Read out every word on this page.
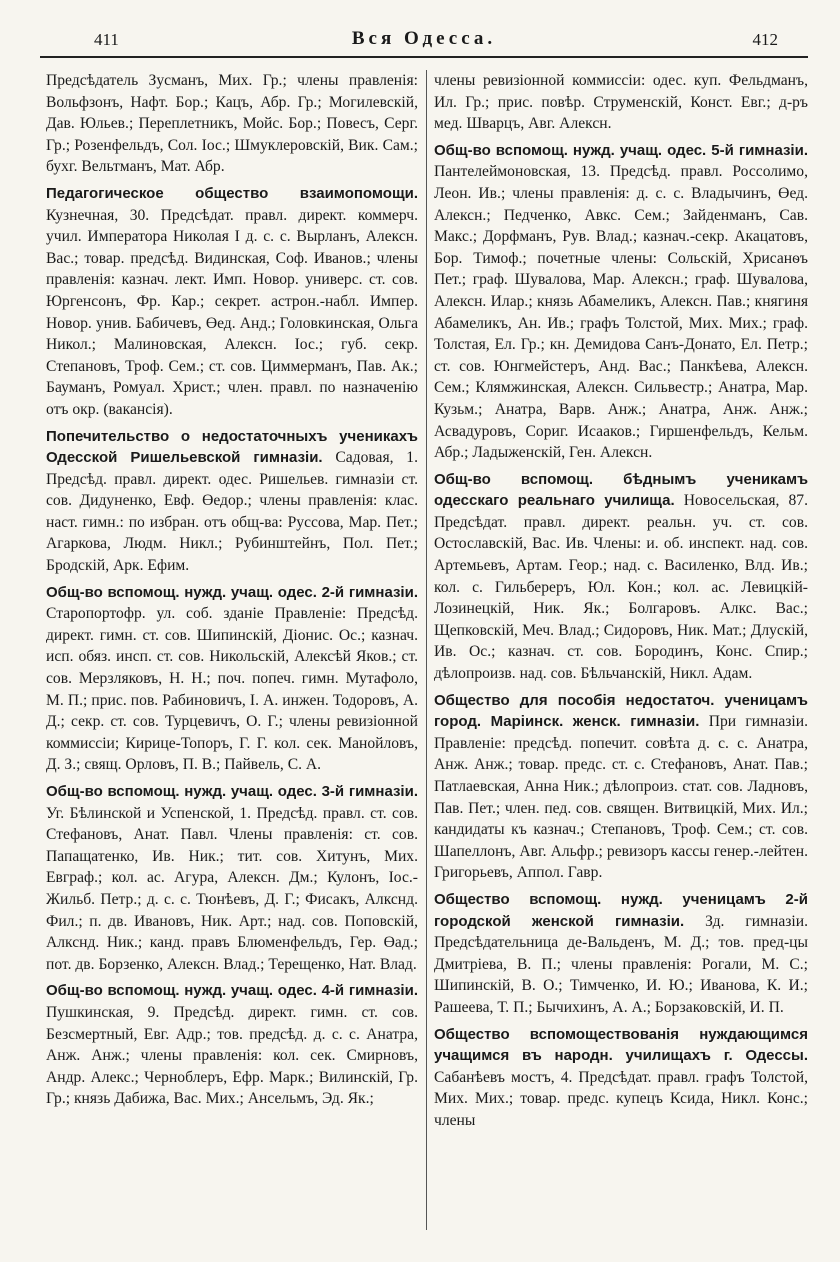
411	Вся Одесса.	412

Предсѣдатель Зусманъ, Мих. Гр.; члены правленія: Вольфзонъ, Нафт. Бор.; Кацъ, Абр. Гр.; Могилевскій, Дав. Юльев.; Переплетникъ, Мойс. Бор.; Повесъ, Серг. Гр.; Розенфельдъ, Сол. Іос.; Шмуклеровскій, Вик. Сам.; бухг. Вельтманъ, Мат. Абр.

Педагогическое общество взаимопомощи. Кузнечная, 30. Предсѣдат. правл. директ. коммерч. учил. Императора Николая I д. с. с. Вырланъ, Алексн. Вас.; товар. предсѣд. Видинская, Соф. Иванов.; члены правленія: казнач. лект. Имп. Новор. универс. ст. сов. Юргенсонъ, Фр. Кар.; секрет. астрон.-набл. Импер. Новор. унив. Бабичевъ, Өед. Анд.; Головкинская, Ольга Никол.; Малиновская, Алексн. Іос.; губ. секр. Степановъ, Троф. Сем.; ст. сов. Циммерманъ, Пав. Ак.; Бауманъ, Ромуал. Христ.; член. правл. по назначенію отъ окр. (вакансія).

Попечительство о недостаточныхъ ученикахъ Одесской Ришельевской гимназіи. Садовая, 1. Предсѣд. правл. директ. одес. Ришельев. гимназіи ст. сов. Дидуненко, Евф. Өедор.; члены правленія: клас. наст. гимн.: по избран. отъ общ-ва: Руссова, Мар. Пет.; Агаркова, Людм. Никл.; Рубинштейнъ, Пол. Пет.; Бродскій, Арк. Ефим.

Общ-во вспомощ. нужд. учащ. одес. 2-й гимназіи. Старопортофр. ул. соб. зданіе Правленіе: Предсѣд. директ. гимн. ст. сов. Шипинскій, Діонис. Ос.; казнач. исп. обяз. инсп. ст. сов. Никольскій, Алексѣй Яков.; ст. сов. Мерзляковъ, Н. Н.; поч. попеч. гимн. Мутафоло, М. П.; прис. пов. Рабиновичъ, І. А. инжен. Тодоровъ, А. Д.; секр. ст. сов. Турцевичъ, О. Г.; члены ревизіонной коммиссіи; Кирице-Топоръ, Г. Г. кол. сек. Манойловъ, Д. З.; свящ. Орловъ, П. В.; Пайвель, С. А.

Общ-во вспомощ. нужд. учащ. одес. 3-й гимназіи. Уг. Бѣлинской и Успенской, 1. Предсѣд. правл. ст. сов. Стефановъ, Анат. Павл. Члены правленія: ст. сов. Папащатенко, Ив. Ник.; тит. сов. Хитунъ, Мих. Евграф.; кол. ас. Агура, Алексн. Дм.; Кулонъ, Іос.-Жильб. Петр.; д. с. с. Тюнѣевъ, Д. Г.; Фисакъ, Алкснд. Фил.; п. дв. Ивановъ, Ник. Арт.; над. сов. Поповскій, Алкснд. Ник.; канд. правъ Блюменфельдъ, Гер. Өад.; пот. дв. Борзенко, Алексн. Влад.; Терещенко, Нат. Влад.

Общ-во вспомощ. нужд. учащ. одес. 4-й гимназіи. Пушкинская, 9. Предсѣд. директ. гимн. ст. сов. Безсмертный, Евг. Адр.; тов. предсѣд. д. с. с. Анатра, Анж. Анж.; члены правленія: кол. сек. Смирновъ, Андр. Алекс.; Черноблеръ, Ефр. Марк.; Вилинскій, Гр. Гр.; князь Дабижа, Вас. Мих.; Ансельмъ, Эд. Як.;

члены ревизіонной коммиссіи: одес. куп. Фельдманъ, Ил. Гр.; прис. повѣр. Струменскій, Конст. Евг.; д-ръ мед. Шварцъ, Авг. Алексн.

Общ-во вспомощ. нужд. учащ. одес. 5-й гимназіи. Пантелеймоновская, 13. Предсѣд. правл. Россолимо, Леон. Ив.; члены правленія: д. с. с. Владычинъ, Өед. Алексн.; Педченко, Авкс. Сем.; Зайденманъ, Сав. Макс.; Дорфманъ, Рув. Влад.; казнач.-секр. Акацатовъ, Бор. Тимоф.; почетные члены: Сольскій, Хрисанѳъ Пет.; граф. Шувалова, Мар. Алексн.; граф. Шувалова, Алексн. Илар.; князь Абамеликъ, Алексн. Пав.; княгиня Абамеликъ, Ан. Ив.; графъ Толстой, Мих. Мих.; граф. Толстая, Ел. Гр.; кн. Демидова Санъ-Донато, Ел. Петр.; ст. сов. Юнгмейстеръ, Анд. Вас.; Панкѣева, Алексн. Сем.; Клямжинская, Алексн. Сильвестр.; Анатра, Мар. Кузьм.; Анатра, Варв. Анж.; Анатра, Анж. Анж.; Асвадуровъ, Сориг. Исааков.; Гиршенфельдъ, Кельм. Абр.; Ладыженскій, Ген. Алексн.

Общ-во вспомощ. бѣднымъ ученикамъ одесскаго реальнаго училища. Новосельская, 87. Предсѣдат. правл. директ. реальн. уч. ст. сов. Остославскій, Вас. Ив. Члены: и. об. инспект. над. сов. Артемьевъ, Артам. Геор.; над. с. Василенко, Влд. Ив.; кол. с. Гильбереръ, Юл. Кон.; кол. ас. Левицкій-Лозинецкій, Ник. Як.; Болгаровъ. Алкс. Вас.; Щепковскій, Меч. Влад.; Сидоровъ, Ник. Мат.; Длускій, Ив. Ос.; казнач. ст. сов. Бородинъ, Конс. Спир.; дѣлопроизв. над. сов. Бѣльчанскій, Никл. Адам.

Общество для пособія недостаточ. ученицамъ город. Маріинск. женск. гимназіи. При гимназіи. Правленіе: предсѣд. попечит. совѣта д. с. с. Анатра, Анж. Анж.; товар. предс. ст. с. Стефановъ, Анат. Пав.; Патлаевская, Анна Ник.; дѣлопроиз. стат. сов. Ладновъ, Пав. Пет.; член. пед. сов. священ. Витвицкій, Мих. Ил.; кандидаты къ казнач.; Степановъ, Троф. Сем.; ст. сов. Шапеллонъ, Авг. Альфр.; ревизоръ кассы генер.-лейтен. Григорьевъ, Аппол. Гавр.

Общество вспомощ. нужд. ученицамъ 2-й городской женской гимназіи. Зд. гимназіи. Предсѣдательница де-Вальденъ, М. Д.; тов. пред-цы Дмитріева, В. П.; члены правленія: Рогали, М. С.; Шипинскій, В. О.; Тимченко, И. Ю.; Иванова, К. И.; Рашеева, Т. П.; Бычихинъ, А. А.; Борзаковскій, И. П.

Общество вспомоществованія нуждающимся учащимся въ народн. училищахъ г. Одессы. Сабанѣевъ мостъ, 4. Предсѣдат. правл. графъ Толстой, Мих. Мих.; товар. предс. купецъ Ксида, Никл. Конс.; члены
